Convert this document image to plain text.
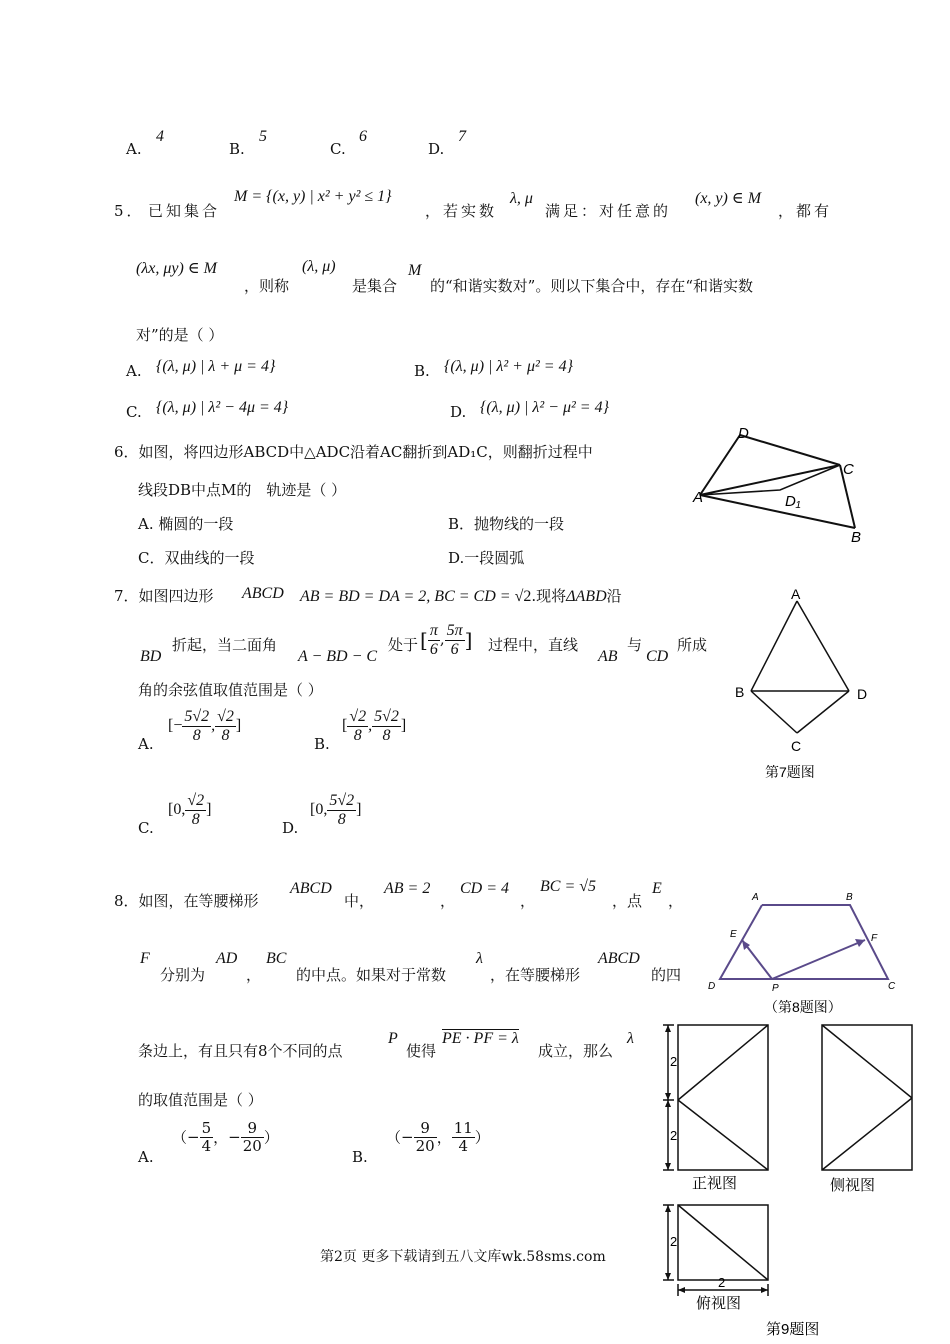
A.
4
B.
5
C.
6
D.
7
5． 已知集合
M = {(x, y) | x² + y² ≤ 1}
，若实数
λ, μ
满足：对任意的
(x, y) ∈ M
，都有
(λx, μy) ∈ M
，则称
(λ, μ)
是集合
M
的“和谐实数对”。则以下集合中，存在“和谐实数
对”的是（ ）
A. {(λ, μ) | λ + μ = 4}	B. {(λ, μ) | λ² + μ² = 4}
C. {(λ, μ) | λ² − 4μ = 4}	D. {(λ, μ) | λ² − μ² = 4}
6．如图，将四边形ABCD中△ADC沿着AC翻折到AD₁C，则翻折过程中
线段DB中点M的　轨迹是（ ）
A. 椭圆的一段	B．抛物线的一段
C．双曲线的一段	D.一段圆弧
D
C
A	D₁
B
7．如图四边形 ABCD AB = BD = DA = 2, BC = CD = √2.现将ΔABD沿
BD
折起，当二面角
A − BD − C
处于 [ $\frac{\pi}{6}$ , $\frac{5\pi}{6}$ ] 过程中，直线
AB
与
CD
所成
角的余弦值取值范围是（ ）
A.
[− $\frac{5√2}{8}$ , $\frac{√2}{8}$ ]
B.
[ $\frac{√2}{8}$ , $\frac{5√2}{8}$ ]
C.
[0, $\frac{√2}{8}$ ]
D.
[0, $\frac{5√2}{8}$ ]
A
B	D
C
第7题图
8．如图，在等腰梯形
ABCD
中，
AB = 2
，
CD = 4
，
BC = √5
，点
E
，
F
分别为
AD
，
BC
的中点。如果对于常数
λ
，在等腰梯形
ABCD
的四
条边上，有且只有8个不同的点
P
使得
PE · PF = λ
成立，那么
λ
的取值范围是（ ）
A.
（− $\frac{5}{4}$ ，− $\frac{9}{20}$ ）
B.
（− $\frac{9}{20}$ ， $\frac{11}{4}$ ）
A	B
E	F
D	P	C
（第8题图）
2
2
2
2
正视图	侧视图
俯视图
第9题图
第2页 更多下载请到五八文库wk.58sms.com
